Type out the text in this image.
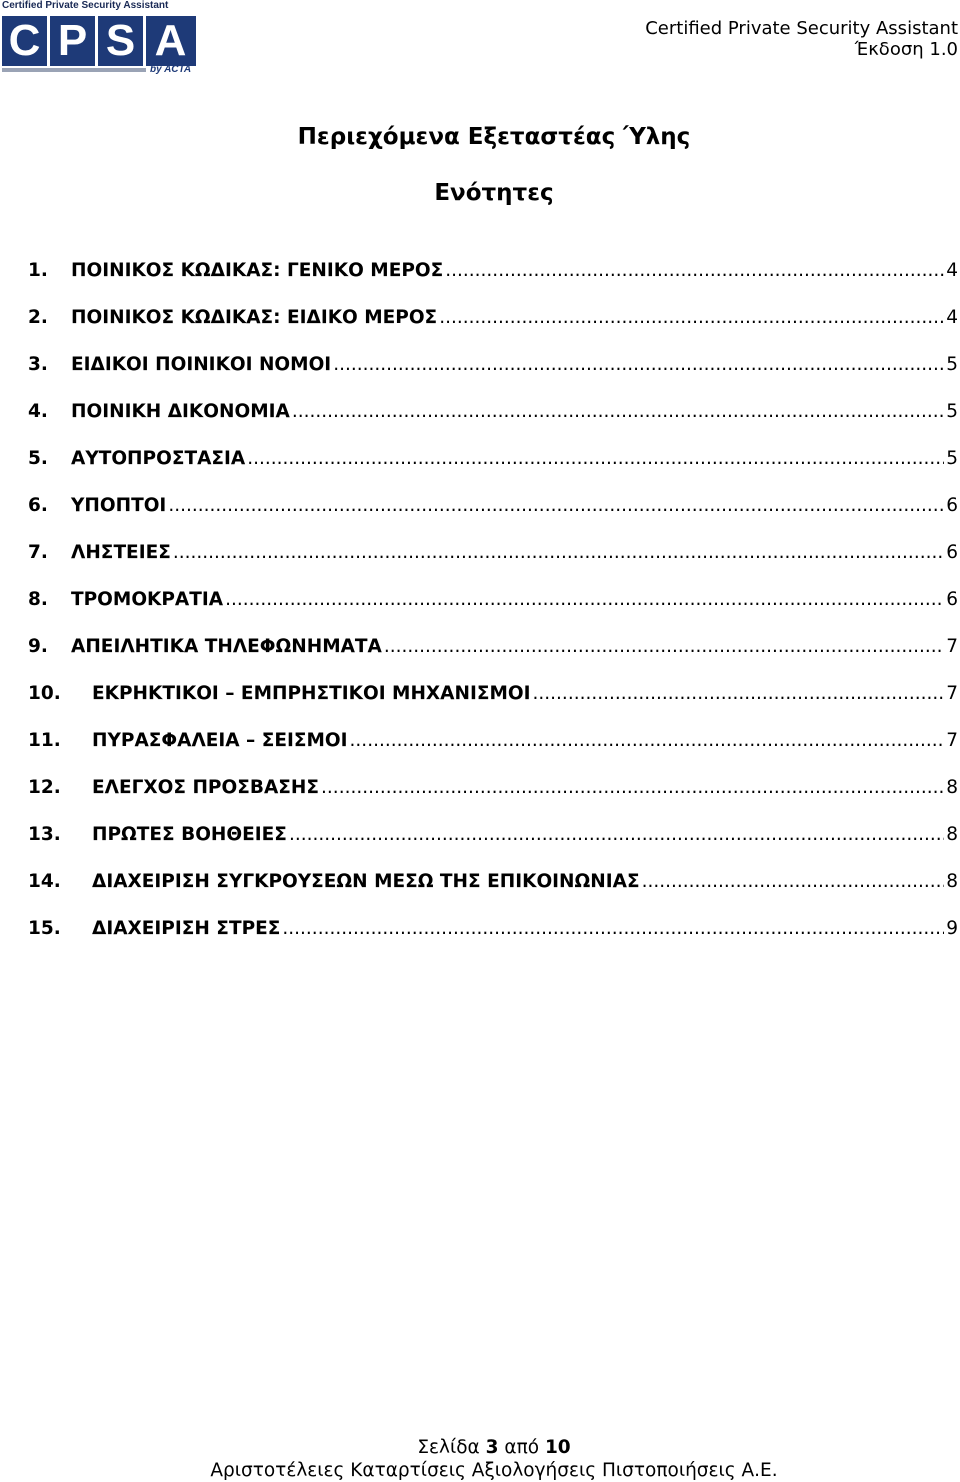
Certified Private Security Assistant
C P S A
by ACTA
Certified Private Security Assistant
Έκδοση 1.0
Περιεχόμενα Εξεταστέας Ύλης
Ενότητες
1.	ΠΟΙΝΙΚΟΣ ΚΩΔΙΚΑΣ: ΓΕΝΙΚΟ ΜΕΡΟΣ .....	4
2.	ΠΟΙΝΙΚΟΣ ΚΩΔΙΚΑΣ: ΕΙΔΙΚΟ ΜΕΡΟΣ .....	4
3.	ΕΙΔΙΚΟΙ ΠΟΙΝΙΚΟΙ ΝΟΜΟΙ .....	5
4.	ΠΟΙΝΙΚΗ ΔΙΚΟΝΟΜΙΑ .....	5
5.	ΑΥΤΟΠΡΟΣΤΑΣΙΑ .....	5
6.	ΥΠΟΠΤΟΙ .....	6
7.	ΛΗΣΤΕΙΕΣ .....	6
8.	ΤΡΟΜΟΚΡΑΤΙΑ .....	6
9.	ΑΠΕΙΛΗΤΙΚΑ ΤΗΛΕΦΩΝΗΜΑΤΑ .....	7
10.	ΕΚΡΗΚΤΙΚΟΙ – ΕΜΠΡΗΣΤΙΚΟΙ ΜΗΧΑΝΙΣΜΟΙ .....	7
11.	ΠΥΡΑΣΦΑΛΕΙΑ – ΣΕΙΣΜΟΙ .....	7
12.	ΕΛΕΓΧΟΣ ΠΡΟΣΒΑΣΗΣ .....	8
13.	ΠΡΩΤΕΣ ΒΟΗΘΕΙΕΣ .....	8
14.	ΔΙΑΧΕΙΡΙΣΗ ΣΥΓΚΡΟΥΣΕΩΝ ΜΕΣΩ ΤΗΣ ΕΠΙΚΟΙΝΩΝΙΑΣ .....	8
15.	ΔΙΑΧΕΙΡΙΣΗ ΣΤΡΕΣ .....	9
Σελίδα 3 από 10
Αριστοτέλειες Καταρτίσεις Αξιολογήσεις Πιστοποιήσεις Α.Ε.
